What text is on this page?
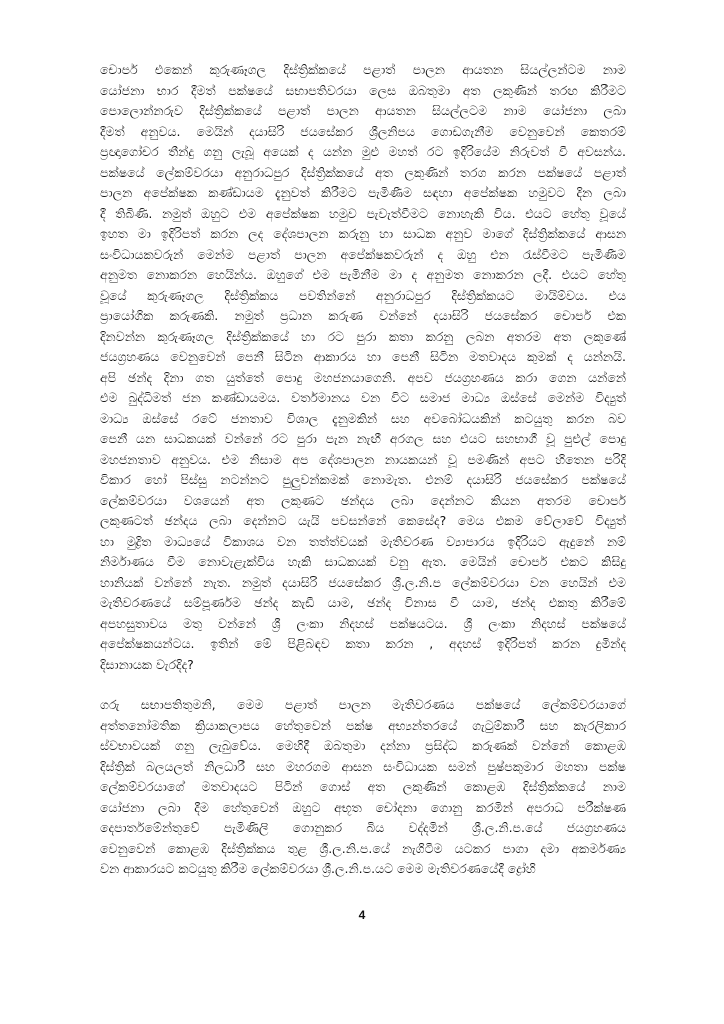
චොපර් එකෙන් කුරුණෑගල දිස්ත්‍රික්කයේ පළාත් පාලන ආයතන සියල්ලන්ටම නාම
යෝජනා භාර දීමත් පක්ෂයේ සභාපතිවරයා ලෙස ඔබතුමා අත ලකුණින් තරඟ කිරීමට
පොලොන්නරුව දිස්ත්‍රික්කයේ පළාත් පාලන ආයතන සියල්ලටම නාම යෝජනා ලබා
දීමත් අනුවය. මෙයින් දයාසිරි ජයසේකර ශ්‍රීලනිපය ගොඩගැනීම වෙනුවෙන් කෙතරම්
ප්‍රඥාගෝචර තීන්දු ගනු ලැබූ අයෙක් ද යන්න මුළු මහත් රට ඉදිරියේම නිරුවත් වී අවසන්ය.
පක්ෂයේ ලේකම්වරයා අනුරාධපුර දිස්ත්‍රික්කයේ අත ලකුණින් තරග කරන පක්ෂයේ පළාත්
පාලන අපේක්ෂක කණ්ඩායම දැනුවත් කිරීමට පැමිණීම සඳහා අපේක්ෂක හමුවට දින ලබා
දී තිබිණි. නමුත් ඔහුට එම අපේක්ෂක හමුව පැවැත්වීමට නොහැකි විය. එයට හේතු වූයේ
ඉහත මා ඉදිරිපත් කරන ලද දේශපාලන කරුනු හා සාධක අනුව මාගේ දිස්ත්‍රික්කයේ ආසන
සංවිධායකවරුන් මෙන්ම පළාත් පාලන අපේක්ෂකවරුන් ද ඔහු එන රැස්වීමට පැමිණීම
අනුමත නොකරන හෙයින්ය. ඔහුගේ එම පැමිනීම මා ද අනුමත නොකරන ලදී. එයට හේතු
වූයේ කුරුණෑගල දිස්ත්‍රික්කය පවතින්නේ අනුරාධපුර දිස්ත්‍රික්කයට මායිම්වය. එය
ප්‍රායෝගික කරුණකි. නමුත් ප්‍රධාන කරුණ වන්නේ දයාසිරි ජයසේකර චොපර් එක
දිනවන්න කුරුණෑගල දිස්ත්‍රික්කයේ හා රට පුරා කතා කරනු ලබන අතරම අත ලකුණේ
ජයග්‍රහණය වෙනුවෙන් පෙනී සිටින ආකාරය හා පෙනී සිටින මතවාදය කුමක් ද යන්නයි.
අපි ඡන්ද දිනා ගත යුත්තේ පොදු මහජනයාගෙනි. අපව ජයග්‍රහණය කරා ගෙන යන්නේ
එම බුද්ධිමත් ජන කණ්ඩායමය. වර්තමානය වන විට සමාජ මාධ්‍ය ඔස්සේ මෙන්ම විද්‍යුත්
මාධ්‍ය ඔස්සේ රටේ ජනතාව විශාල දැනුමකින් සහ අවබෝධයකින් කටයුතු කරන බව
පෙනී යන සාධකයක් වන්නේ රට පුරා පැන නැඟී අරගල සහ එයට සහභාගී වූ පුළුල් පොදු
මහජනතාව අනුවය. එම නිසාම අප දේශපාලන නායකයන් වූ පමණින් අපට හිතෙන පරිදි
විකාර හෝ පිස්සු නටන්නට පුලුවන්කමක් නොමැත. එනම් දයාසිරි ජයසේකර පක්ෂයේ
ලේකම්වරයා වශයෙන් අත ලකුණට ඡන්දය ලබා දෙන්නට කියන අතරම චොපර්
ලකුණටත් ඡන්දය ලබා දෙන්නට යැයි පවසන්නේ කෙසේද? මෙය එකම වේලාවේ විද්‍යුත්
හා මුද්‍රිත මාධ්‍යයේ විකාශය වන තත්ත්වයක් මැතිවරණ ව්‍යාපාරය ඉදිරියට ඇදුනේ නම්
නිර්මාණය වීම නොවැළැක්විය හැකි සාධකයක් වනු ඇත. මෙයින් චොපර් එකට කිසිදු
හානියක් වන්නේ නැත. නමුත් දයාසිරි ජයසේකර ශ්‍රී.ල.නි.ප ලේකම්වරයා වන හෙයින් එම
මැතිවරණයේ සම්පූර්ණම ඡන්ද කැඩී යාම, ඡන්ද විනාස වී යාම, ඡන්ද එකතු කිරීමේ
අපහසුතාවය මතු වන්නේ ශ්‍රී ලංකා නිදහස් පක්ෂයටය. ශ්‍රී ලංකා නිදහස් පක්ෂයේ
අපේක්ෂකයන්ටය. ඉතින් මේ පිළිබඳව කතා කරන , අදහස් ඉදිරිපත් කරන දුමින්ද
දිසානායක වැරදිද?
ගරු සභාපතිතුමනි, මෙම පළාත් පාලන මැතිවරණය පක්ෂයේ ලේකම්වරයාගේ
අත්තනෝමතික ක්‍රියාකලාපය හේතුවෙන් පක්ෂ අභ්‍යන්තරයේ ගැටුම්කාරී සහ කැරලිකාර
ස්වභාවයක් ගනු ලැබුවේය. මෙහිදී ඔබතුමා දන්නා ප්‍රසිද්ධ කරුණක් වන්නේ කොළඹ
දිස්ත්‍රික් බලයලත් නිලධාරී සහ මහරගම ආසන සංවිධායක සමන් පුෂ්පකුමාර මහතා පක්ෂ
ලේකම්වරයාගේ මතවාදයට පිටින් ගොස් අත ලකුණින් කොළඹ දිස්ත්‍රික්කයේ නාම
යෝජනා ලබා දීම හේතුවෙන් ඔහුට අභූත චෝදනා ගොනු කරමින් අපරාධ පරීක්ෂණ
දෙපාර්තමේන්තුවේ පැමිණිලි ගොනුකර බිය වද්දමින් ශ්‍රී.ල.නි.ප.යේ ජයග්‍රහණය
වෙනුවෙන් කොළඹ දිස්ත්‍රික්කය තුළ ශ්‍රී.ල.නි.ප.යේ නැගිටීම යටකර පාගා දමා අකර්මණ්‍ය
වන ආකාරයට කටයුතු කිරීම ලේකම්වරයා ශ්‍රී.ල.නි.ප.යට මෙම මැතිවරණයේදී ද්‍රෝහි
4
